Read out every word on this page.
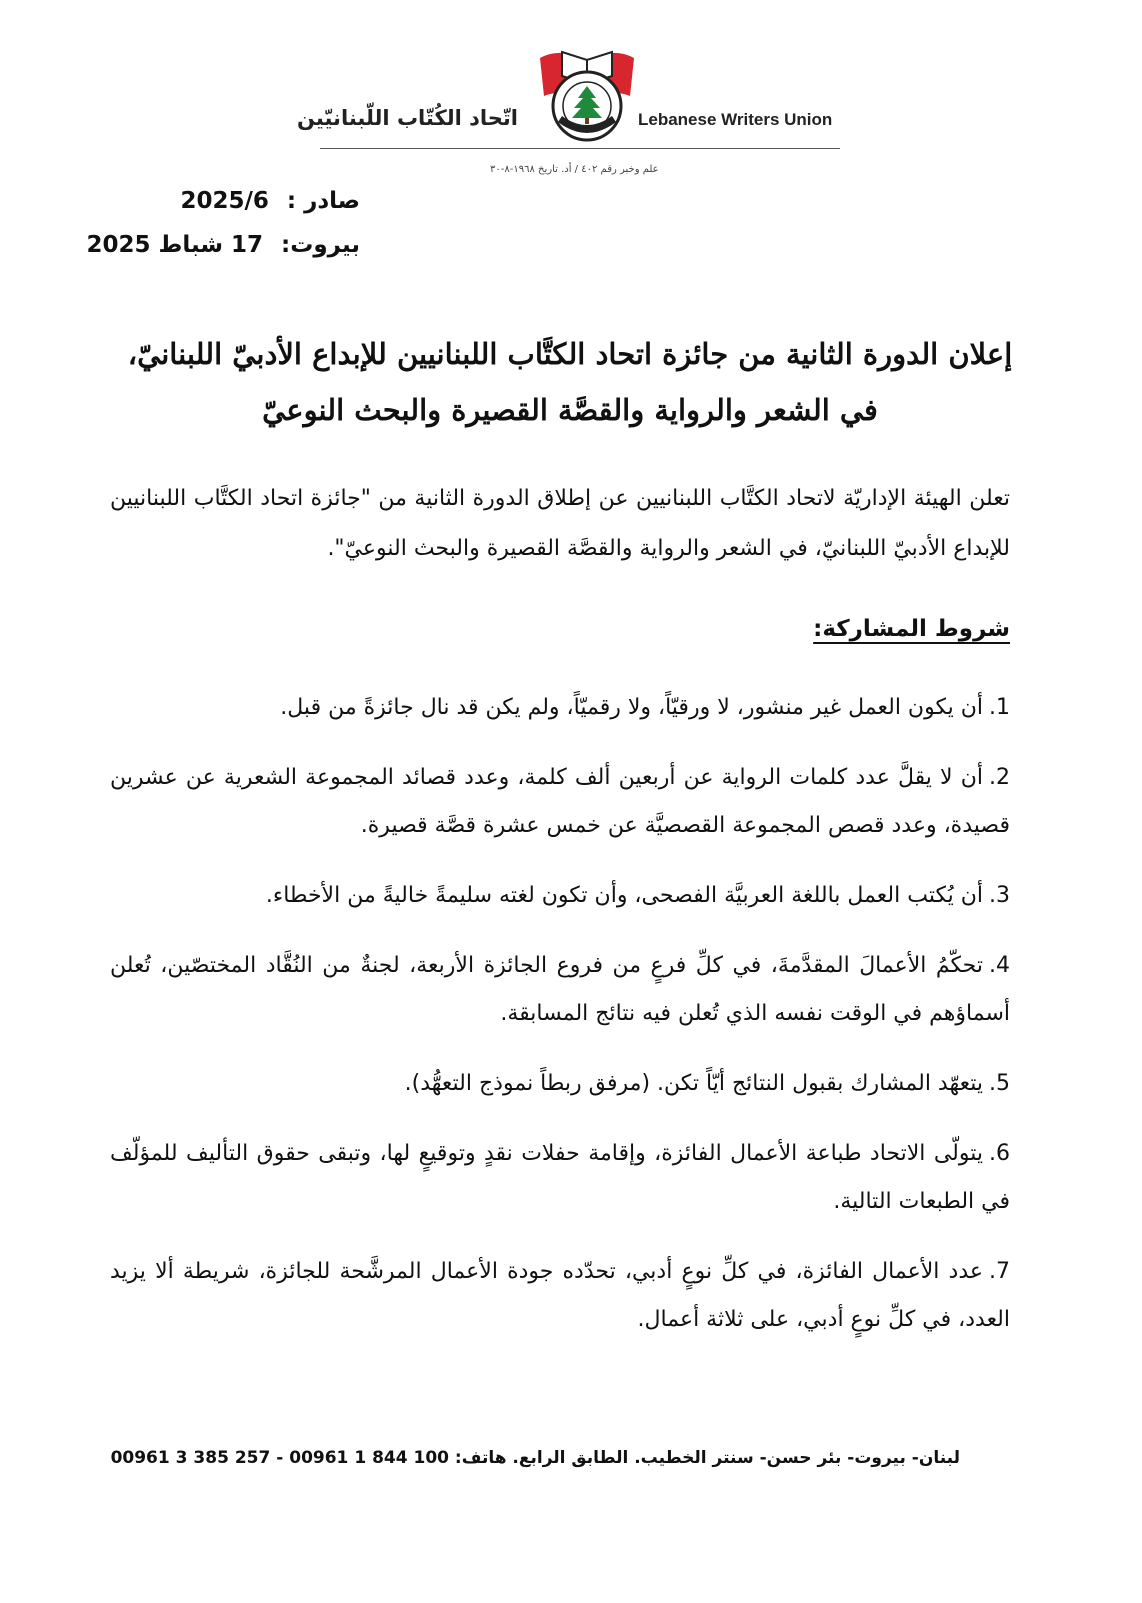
اتّحاد الكُتّاب اللّبنانيّين	Lebanese Writers Union
علم وخبر رقم ٤٠٢ / أد. تاريخ ١٩٦٨-٨-٣٠
صادر : 2025/6
بيروت: 17 شباط 2025
إعلان الدورة الثانية من جائزة اتحاد الكتَّاب اللبنانيين للإبداع الأدبيّ اللبنانيّ،
في الشعر والرواية والقصَّة القصيرة والبحث النوعيّ

تعلن الهيئة الإداريّة لاتحاد الكتَّاب اللبنانيين عن إطلاق الدورة الثانية من "جائزة اتحاد الكتَّاب اللبنانيين للإبداع الأدبيّ اللبنانيّ، في الشعر والرواية والقصَّة القصيرة والبحث النوعيّ".

شروط المشاركة:
1.أن يكون العمل غير منشور، لا ورقيّاً، ولا رقميّاً، ولم يكن قد نال جائزةً من قبل.
2.أن لا يقلَّ عدد كلمات الرواية عن أربعين ألف كلمة، وعدد قصائد المجموعة الشعرية عن عشرين قصيدة، وعدد قصص المجموعة القصصيَّة عن خمس عشرة قصَّة قصيرة.
3.أن يُكتب العمل باللغة العربيَّة الفصحى، وأن تكون لغته سليمةً خاليةً من الأخطاء.
4.تحكّمُ الأعمالَ المقدَّمةَ، في كلِّ فرعٍ من فروع الجائزة الأربعة، لجنةٌ من النُقَّاد المختصّين، تُعلن أسماؤهم في الوقت نفسه الذي تُعلن فيه نتائج المسابقة.
5.يتعهّد المشارك بقبول النتائج أيّاً تكن. (مرفق ربطاً نموذج التعهُّد).
6.يتولّى الاتحاد طباعة الأعمال الفائزة، وإقامة حفلات نقدٍ وتوقيعٍ لها، وتبقى حقوق التأليف للمؤلّف في الطبعات التالية.
7.عدد الأعمال الفائزة، في كلِّ نوعٍ أدبي، تحدّده جودة الأعمال المرشَّحة للجائزة، شريطة ألا يزيد العدد، في كلِّ نوعٍ أدبي، على ثلاثة أعمال.
لبنان- بيروت- بئر حسن- سنتر الخطيب. الطابق الرابع. هاتف: 100 844 1 00961 - 257 385 3 00961
